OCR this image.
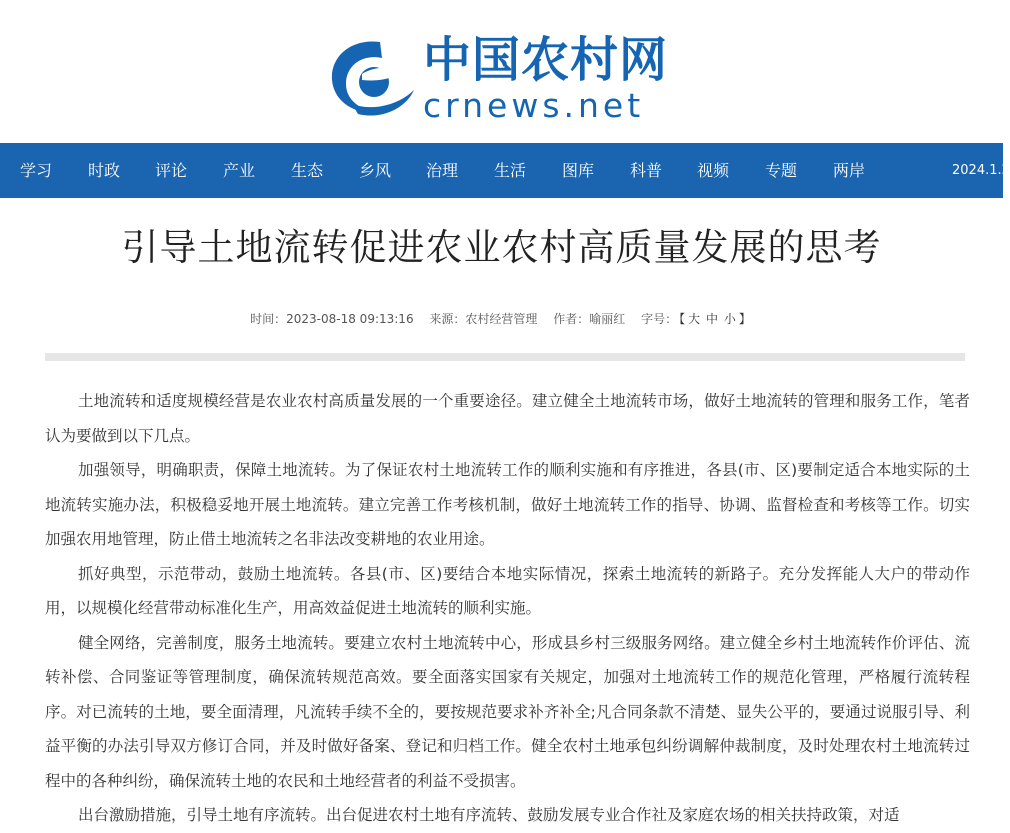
中国农村网
crnews.net
学习 时政 评论 产业 生态 乡风 治理 生活 图库 科普 视频 专题 两岸	2024.1.2
引导土地流转促进农业农村高质量发展的思考
时间：2023-08-18 09:13:16 来源：农村经营管理 作者：喻丽红 字号： 【 大 中 小 】

土地流转和适度规模经营是农业农村高质量发展的一个重要途径。建立健全土地流转市场，做好土地流转的管理和服务工作，笔者认为要做到以下几点。

加强领导，明确职责，保障土地流转。为了保证农村土地流转工作的顺利实施和有序推进，各县(市、区)要制定适合本地实际的土地流转实施办法，积极稳妥地开展土地流转。建立完善工作考核机制，做好土地流转工作的指导、协调、监督检查和考核等工作。切实加强农用地管理，防止借土地流转之名非法改变耕地的农业用途。

抓好典型，示范带动，鼓励土地流转。各县(市、区)要结合本地实际情况，探索土地流转的新路子。充分发挥能人大户的带动作用，以规模化经营带动标准化生产，用高效益促进土地流转的顺利实施。

健全网络，完善制度，服务土地流转。要建立农村土地流转中心，形成县乡村三级服务网络。建立健全乡村土地流转作价评估、流转补偿、合同鉴证等管理制度，确保流转规范高效。要全面落实国家有关规定，加强对土地流转工作的规范化管理，严格履行流转程序。对已流转的土地，要全面清理，凡流转手续不全的，要按规范要求补齐补全;凡合同条款不清楚、显失公平的，要通过说服引导、利益平衡的办法引导双方修订合同，并及时做好备案、登记和归档工作。健全农村土地承包纠纷调解仲裁制度，及时处理农村土地流转过程中的各种纠纷，确保流转土地的农民和土地经营者的利益不受损害。

出台激励措施，引导土地有序流转。出台促进农村土地有序流转、鼓励发展专业合作社及家庭农场的相关扶持政策，对适
